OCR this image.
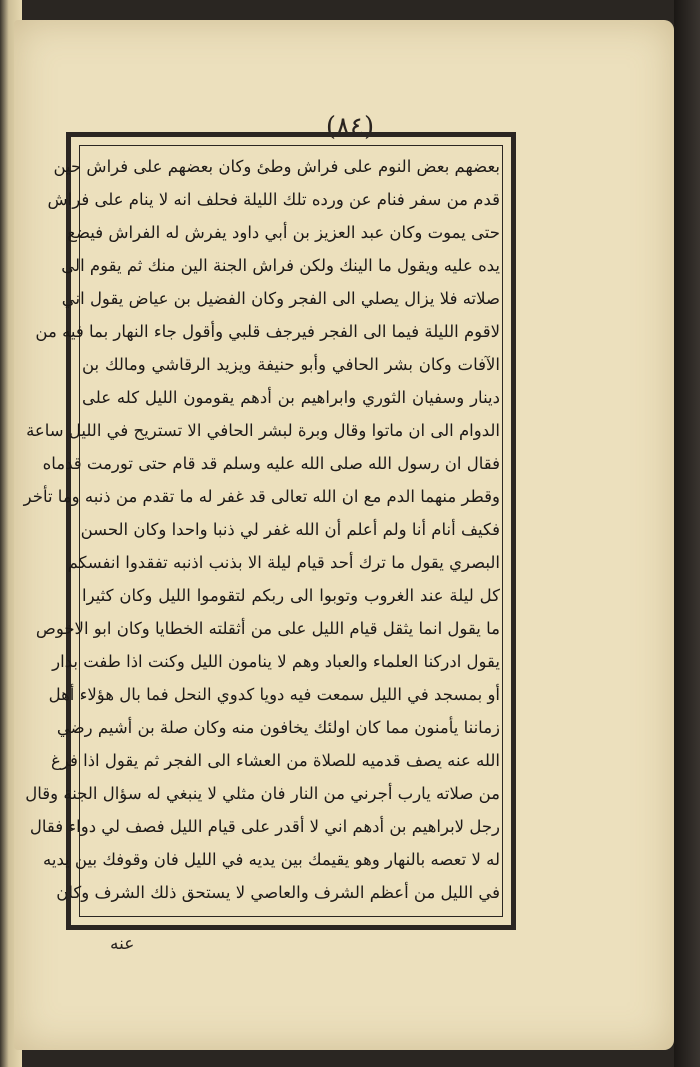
(٨٤)
بعضهم بعض النوم على فراش وطئ وكان بعضهم على فراش حين
قدم من سفر فنام عن ورده تلك الليلة فحلف انه لا ينام على فراش
حتى يموت وكان عبد العزيز بن أبي داود يفرش له الفراش فيضع
يده عليه ويقول ما الينك ولكن فراش الجنة الين منك ثم يقوم الى
صلاته فلا يزال يصلي الى الفجر وكان الفضيل بن عياض يقول اني
لاقوم الليلة فيما الى الفجر فيرجف قلبي وأقول جاء النهار بما فيه من
الآفات وكان بشر الحافي وأبو حنيفة ويزيد الرقاشي ومالك بن
دينار وسفيان الثوري وابراهيم بن أدهم يقومون الليل كله على
الدوام الى ان ماتوا وقال وبرة لبشر الحافي الا تستريح في الليل ساعة
فقال ان رسول الله صلى الله عليه وسلم قد قام حتى تورمت قدماه
وقطر منهما الدم مع ان الله تعالى قد غفر له ما تقدم من ذنبه وما تأخر
فكيف أنام أنا ولم أعلم أن الله غفر لي ذنبا واحدا وكان الحسن
البصري يقول ما ترك أحد قيام ليلة الا بذنب اذنبه تفقدوا انفسكم
كل ليلة عند الغروب وتوبوا الى ربكم لتقوموا الليل وكان كثيرا
ما يقول انما يثقل قيام الليل على من أثقلته الخطايا وكان ابو الاخوص
يقول ادركنا العلماء والعباد وهم لا ينامون الليل وكنت اذا طفت بدار
أو بمسجد في الليل سمعت فيه دويا كدوي النحل فما بال هؤلاء أهل
زماننا يأمنون مما كان اولئك يخافون منه وكان صلة بن أشيم رضي
الله عنه يصف قدميه للصلاة من العشاء الى الفجر ثم يقول اذا فرغ
من صلاته يارب أجرني من النار فان مثلي لا ينبغي له سؤال الجنة وقال
رجل لابراهيم بن أدهم اني لا أقدر على قيام الليل فصف لي دواء فقال
له لا تعصه بالنهار وهو يقيمك بين يديه في الليل فان وقوفك بين يديه
في الليل من أعظم الشرف والعاصي لا يستحق ذلك الشرف وكان
عنه
